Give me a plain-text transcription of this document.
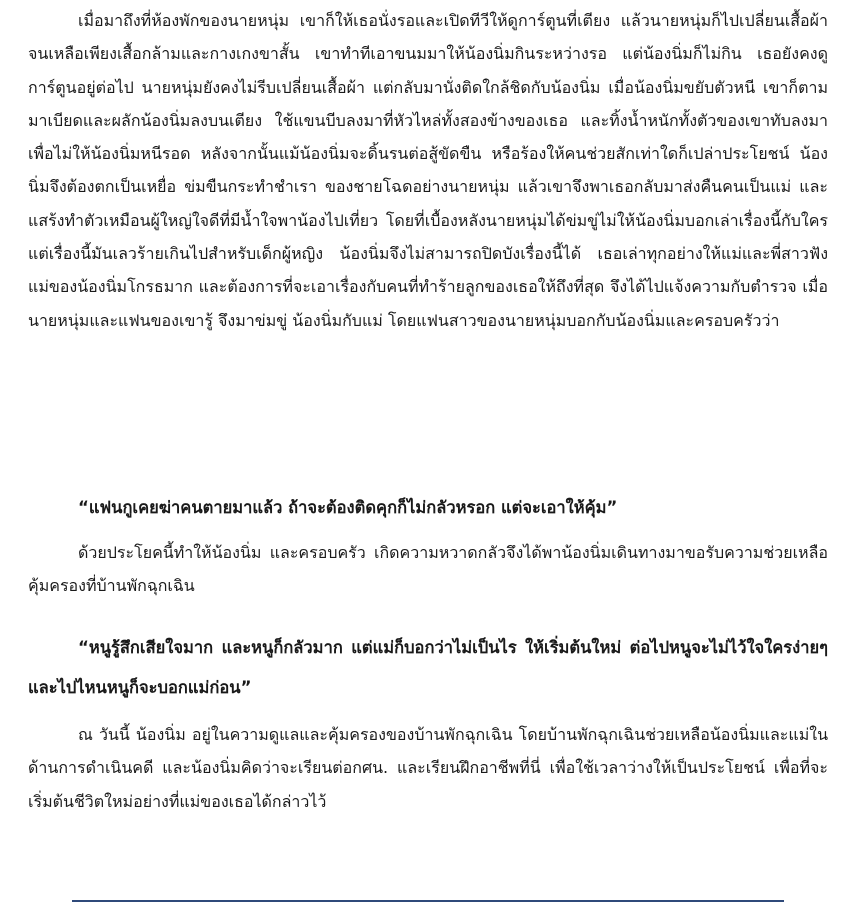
เมื่อมาถึงที่ห้องพักของนายหนุ่ม เขาก็ให้เธอนั่งรอและเปิดทีวีให้ดูการ์ตูนที่เตียง แล้วนายหนุ่มก็ไปเปลี่ยนเสื้อผ้าจนเหลือเพียงเสื้อกล้ามและกางเกงขาสั้น เขาทำทีเอาขนมมาให้น้องนิ่มกินระหว่างรอ แต่น้องนิ่มก็ไม่กิน เธอยังคงดูการ์ตูนอยู่ต่อไป นายหนุ่มยังคงไม่รีบเปลี่ยนเสื้อผ้า แต่กลับมานั่งติดใกล้ชิดกับน้องนิ่ม เมื่อน้องนิ่มขยับตัวหนี เขาก็ตามมาเบียดและผลักน้องนิ่มลงบนเตียง ใช้แขนบีบลงมาที่หัวไหล่ทั้งสองข้างของเธอ และทิ้งน้ำหนักทั้งตัวของเขาทับลงมาเพื่อไม่ให้น้องนิ่มหนีรอด หลังจากนั้นแม้น้องนิ่มจะดิ้นรนต่อสู้ขัดขืน หรือร้องให้คนช่วยสักเท่าใดก็เปล่าประโยชน์ น้องนิ่มจึงต้องตกเป็นเหยื่อ ข่มขืนกระทำชำเรา ของชายโฉดอย่างนายหนุ่ม แล้วเขาจึงพาเธอกลับมาส่งคืนคนเป็นแม่ และแสร้งทำตัวเหมือนผู้ใหญ่ใจดีที่มีน้ำใจพาน้องไปเที่ยว โดยที่เบื้องหลังนายหนุ่มได้ข่มขู่ไม่ให้น้องนิ่มบอกเล่าเรื่องนี้กับใคร แต่เรื่องนี้มันเลวร้ายเกินไปสำหรับเด็กผู้หญิง น้องนิ่มจึงไม่สามารถปิดบังเรื่องนี้ได้ เธอเล่าทุกอย่างให้แม่และพี่สาวฟัง แม่ของน้องนิ่มโกรธมาก และต้องการที่จะเอาเรื่องกับคนที่ทำร้ายลูกของเธอให้ถึงที่สุด จึงได้ไปแจ้งความกับตำรวจ เมื่อนายหนุ่มและแฟนของเขารู้ จึงมาข่มขู่ น้องนิ่มกับแม่ โดยแฟนสาวของนายหนุ่มบอกกับน้องนิ่มและครอบครัวว่า

“แฟนกูเคยฆ่าคนตายมาแล้ว ถ้าจะต้องติดคุกก็ไม่กลัวหรอก แต่จะเอาให้คุ้ม”

ด้วยประโยคนี้ทำให้น้องนิ่ม และครอบครัว เกิดความหวาดกลัวจึงได้พาน้องนิ่มเดินทางมาขอรับความช่วยเหลือคุ้มครองที่บ้านพักฉุกเฉิน

“หนูรู้สึกเสียใจมาก และหนูก็กลัวมาก แต่แม่ก็บอกว่าไม่เป็นไร ให้เริ่มต้นใหม่ ต่อไปหนูจะไม่ไว้ใจใครง่ายๆ และไปไหนหนูก็จะบอกแม่ก่อน”

ณ วันนี้ น้องนิ่ม อยู่ในความดูแลและคุ้มครองของบ้านพักฉุกเฉิน โดยบ้านพักฉุกเฉินช่วยเหลือน้องนิ่มและแม่ในด้านการดำเนินคดี และน้องนิ่มคิดว่าจะเรียนต่อกศน. และเรียนฝึกอาชีพที่นี่ เพื่อใช้เวลาว่างให้เป็นประโยชน์ เพื่อที่จะเริ่มต้นชีวิตใหม่อย่างที่แม่ของเธอได้กล่าวไว้
